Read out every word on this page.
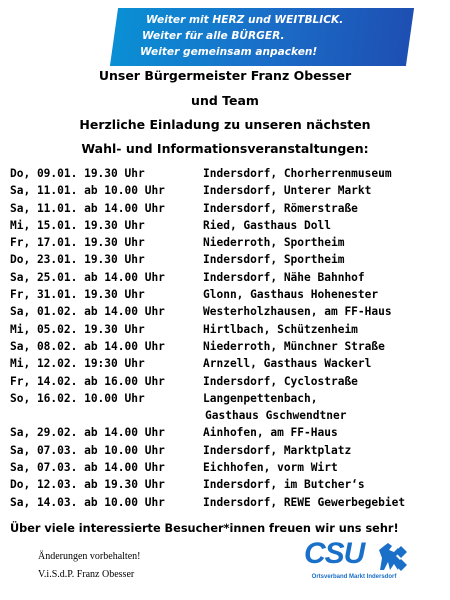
Weiter mit HERZ und WEITBLICK.
Weiter für alle BÜRGER.
Weiter gemeinsam anpacken!
Unser Bürgermeister Franz Obesser
und Team
Herzliche Einladung zu unseren nächsten
Wahl- und Informationsveranstaltungen:
Do, 09.01. 19.30 Uhr	Indersdorf, Chorherrenmuseum
Sa, 11.01. ab 10.00 Uhr	Indersdorf, Unterer Markt
Sa, 11.01. ab 14.00 Uhr	Indersdorf, Römerstraße
Mi, 15.01. 19.30 Uhr	Ried, Gasthaus Doll
Fr, 17.01. 19.30 Uhr	Niederroth, Sportheim
Do, 23.01. 19.30 Uhr	Indersdorf, Sportheim
Sa, 25.01. ab 14.00 Uhr	Indersdorf, Nähe Bahnhof
Fr, 31.01. 19.30 Uhr	Glonn, Gasthaus Hohenester
Sa, 01.02. ab 14.00 Uhr	Westerholzhausen, am FF-Haus
Mi, 05.02. 19.30 Uhr	Hirtlbach, Schützenheim
Sa, 08.02. ab 14.00 Uhr	Niederroth, Münchner Straße
Mi, 12.02. 19:30 Uhr	Arnzell, Gasthaus Wackerl
Fr, 14.02. ab 16.00 Uhr	Indersdorf, Cyclostraße
So, 16.02. 10.00 Uhr	Langenpettenbach,
Gasthaus Gschwendtner
Sa, 29.02. ab 14.00 Uhr	Ainhofen, am FF-Haus
Sa, 07.03. ab 10.00 Uhr	Indersdorf, Marktplatz
Sa, 07.03. ab 14.00 Uhr	Eichhofen, vorm Wirt
Do, 12.03. ab 19.30 Uhr	Indersdorf, im Butcher‘s
Sa, 14.03. ab 10.00 Uhr	Indersdorf, REWE Gewerbegebiet
Über viele interessierte Besucher*innen freuen wir uns sehr!
Änderungen vorbehalten!
V.i.S.d.P. Franz Obesser
CSU
Ortsverband Markt Indersdorf
